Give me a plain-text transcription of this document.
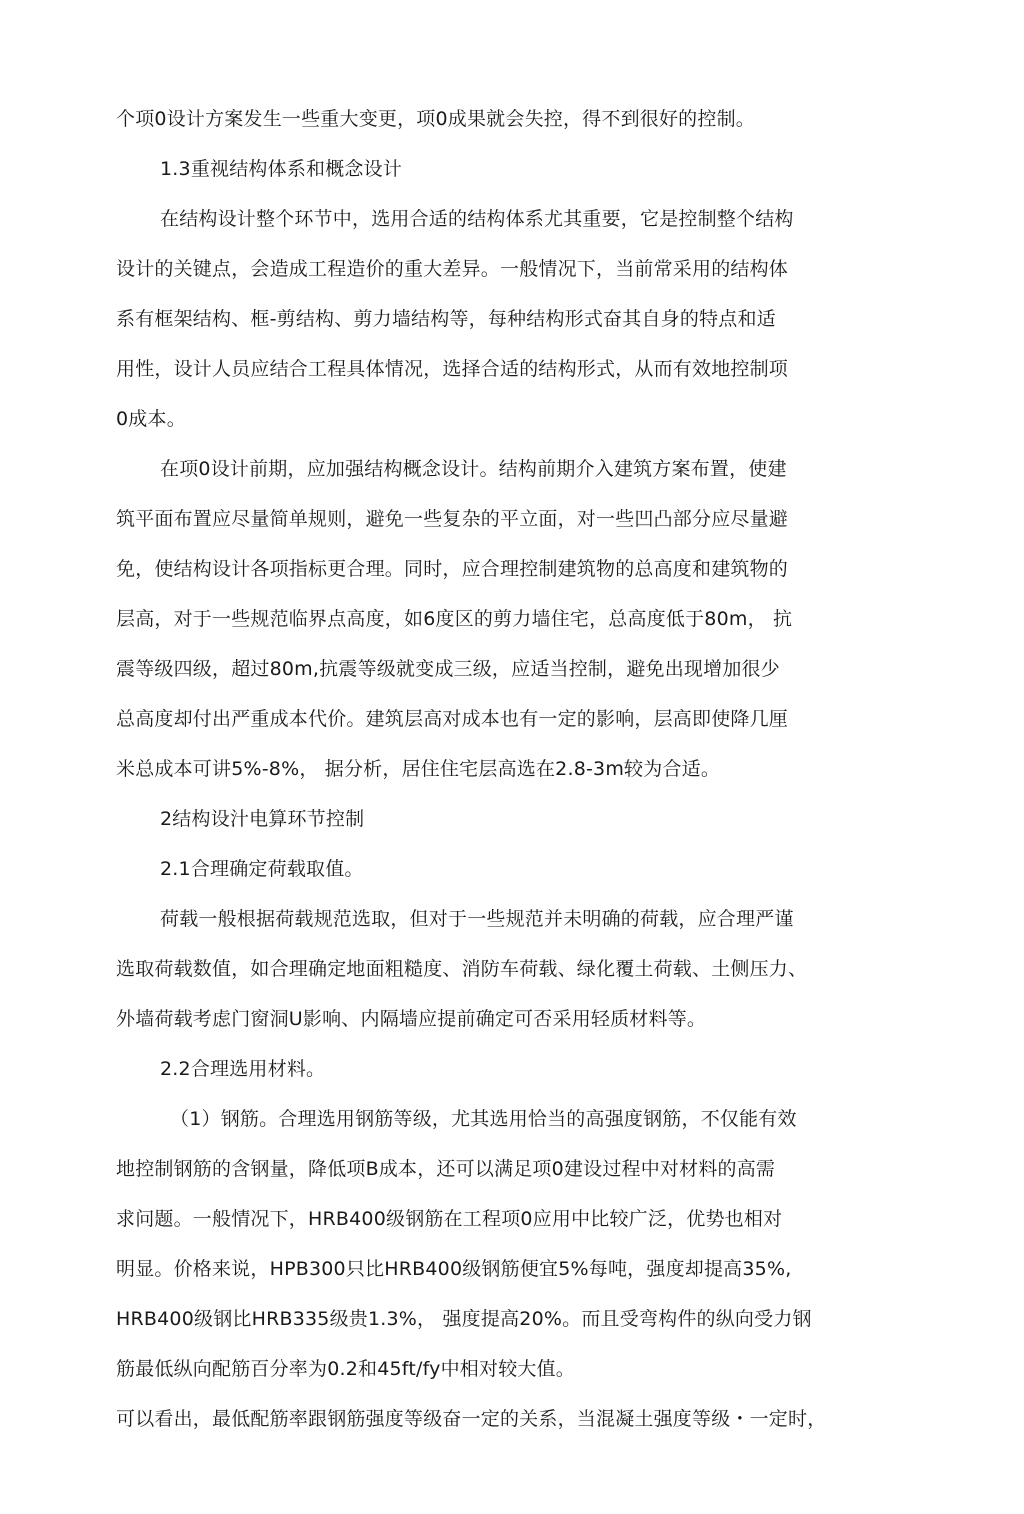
个项0设计方案发生一些重大变更，项0成果就会失控，得不到很好的控制。
1.3重视结构体系和概念设计
在结构设计整个环节中，选用合适的结构体系尤其重要，它是控制整个结构
设计的关键点，会造成工程造价的重大差异。一般情况下，当前常采用的结构体
系有框架结构、框-剪结构、剪力墙结构等，每种结构形式奋其自身的特点和适
用性，设计人员应结合工程具体情况，选择合适的结构形式，从而有效地控制项
0成本。
在项0设计前期，应加强结构概念设计。结构前期介入建筑方案布置，使建
筑平面布置应尽量简单规则，避免一些复杂的平立面，对一些凹凸部分应尽量避
免，使结构设计各项指标更合理。同时，应合理控制建筑物的总高度和建筑物的
层高，对于一些规范临界点高度，如6度区的剪力墙住宅，总高度低于80m， 抗
震等级四级，超过80m,抗震等级就变成三级，应适当控制，避免出现增加很少
总高度却付出严重成本代价。建筑层高对成本也有一定的影响，层高即使降几厘
米总成本可讲5%-8%， 据分析，居住住宅层高选在2.8-3m较为合适。
2结构设汁电算环节控制
2.1合理确定荷载取值。
荷载一般根据荷载规范选取，但对于一些规范并未明确的荷载，应合理严谨
选取荷载数值，如合理确定地面粗糙度、消防车荷载、绿化覆土荷载、土侧压力、
外墙荷载考虑门窗洞U影响、内隔墙应提前确定可否采用轻质材料等。
2.2合理选用材料。
（1）钢筋。合理选用钢筋等级，尤其选用恰当的高强度钢筋，不仅能有效
地控制钢筋的含钢量，降低项B成本，还可以满足项0建设过程中对材料的高需
求问题。一般情况下，HRB400级钢筋在工程项0应用中比较广泛，优势也相对
明显。价格来说，HPB300只比HRB400级钢筋便宜5%每吨，强度却提高35%,
HRB400级钢比HRB335级贵1.3%， 强度提高20%。而且受弯构件的纵向受力钢
筋最低纵向配筋百分率为0.2和45ft/fy中相对较大值。
可以看出，最低配筋率跟钢筋强度等级奋一定的关系，当混凝土强度等级・一定时，
